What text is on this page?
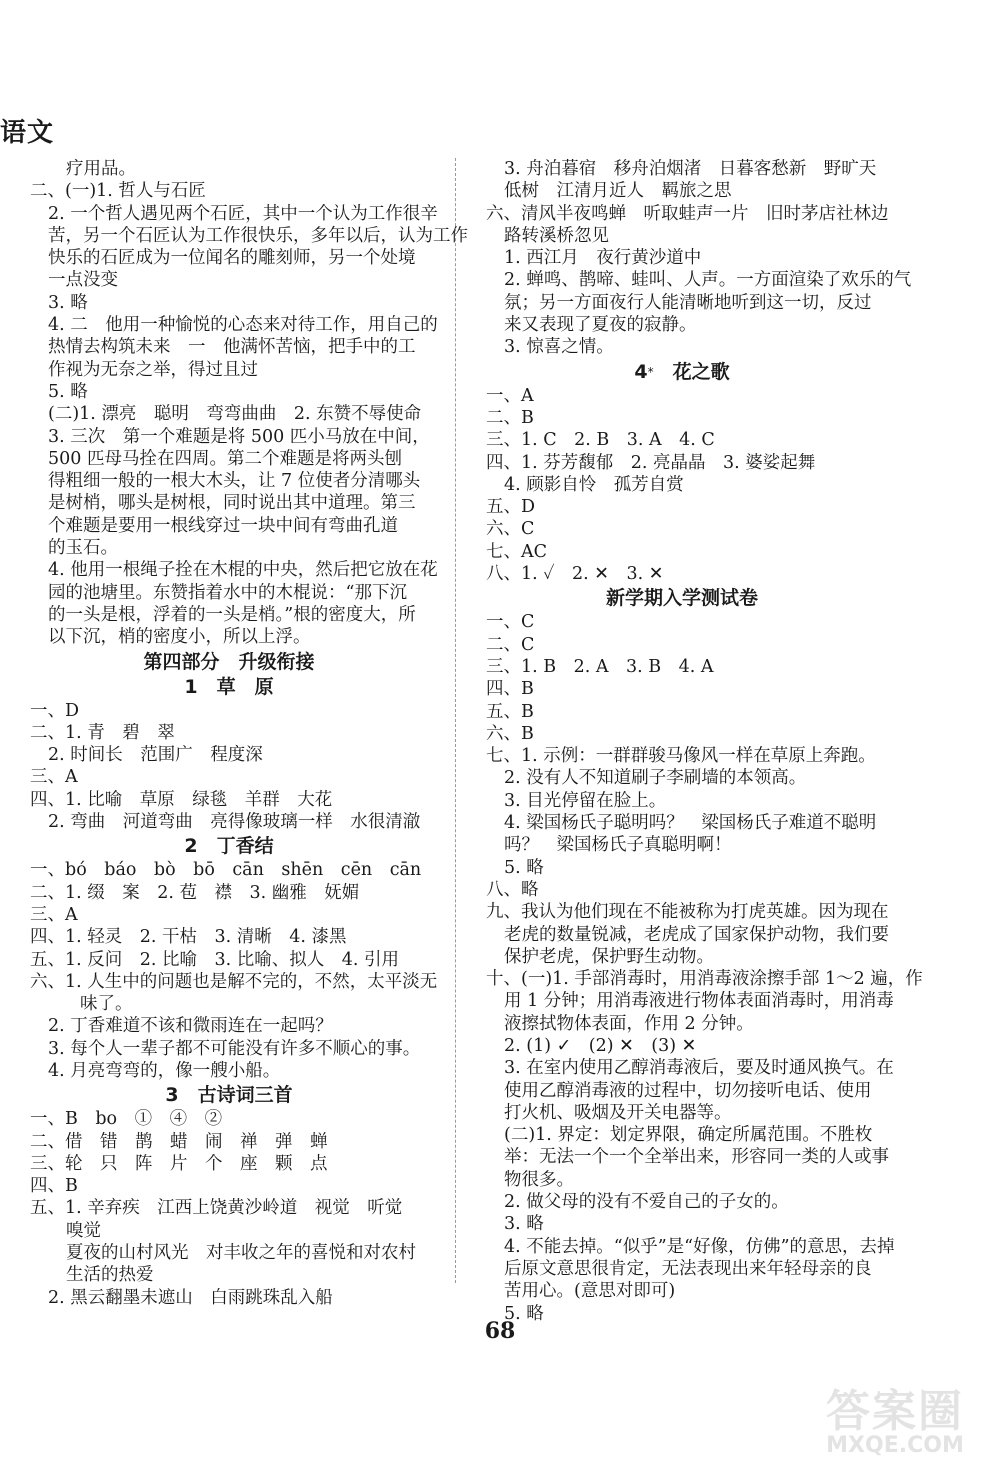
语文
疗用品。
二、(一)1. 哲人与石匠
2. 一个哲人遇见两个石匠，其中一个认为工作很辛
苦，另一个石匠认为工作很快乐，多年以后，认为工作
快乐的石匠成为一位闻名的雕刻师，另一个处境
一点没变
3. 略
4. 二　他用一种愉悦的心态来对待工作，用自己的
热情去构筑未来　一　他满怀苦恼，把手中的工
作视为无奈之举，得过且过
5. 略
(二)1. 漂亮　聪明　弯弯曲曲　2. 东赞不辱使命
3. 三次　第一个难题是将 500 匹小马放在中间，
500 匹母马拴在四周。第二个难题是将两头刨
得粗细一般的一根大木头，让 7 位使者分清哪头
是树梢，哪头是树根，同时说出其中道理。第三
个难题是要用一根线穿过一块中间有弯曲孔道
的玉石。
4. 他用一根绳子拴在木棍的中央，然后把它放在花
园的池塘里。东赞指着水中的木棍说：“那下沉
的一头是根，浮着的一头是梢。”根的密度大，所
以下沉，梢的密度小，所以上浮。
第四部分　升级衔接
1　草　原
一、D
二、1. 青　碧　翠
2. 时间长　范围广　程度深
三、A
四、1. 比喻　草原　绿毯　羊群　大花
2. 弯曲　河道弯曲　亮得像玻璃一样　水很清澈
2　丁香结
一、bó　báo　bò　bō　cān　shēn　cēn　cān
二、1. 缀　案　2. 苞　襟　3. 幽雅　妩媚
三、A
四、1. 轻灵　2. 干枯　3. 清晰　4. 漆黑
五、1. 反问　2. 比喻　3. 比喻、拟人　4. 引用
六、1. 人生中的问题也是解不完的，不然，太平淡无
味了。
2. 丁香难道不该和微雨连在一起吗？
3. 每个人一辈子都不可能没有许多不顺心的事。
4. 月亮弯弯的，像一艘小船。
3　古诗词三首
一、B　bo　①　④　②
二、借　错　鹊　蜡　闹　禅　弹　蝉
三、轮　只　阵　片　个　座　颗　点
四、B
五、1. 辛弃疾　江西上饶黄沙岭道　视觉　听觉
嗅觉
夏夜的山村风光　对丰收之年的喜悦和对农村
生活的热爱
2. 黑云翻墨未遮山　白雨跳珠乱入船
3. 舟泊暮宿　移舟泊烟渚　日暮客愁新　野旷天
低树　江清月近人　羁旅之思
六、清风半夜鸣蝉　听取蛙声一片　旧时茅店社林边
路转溪桥忽见
1. 西江月　夜行黄沙道中
2. 蝉鸣、鹊啼、蛙叫、人声。一方面渲染了欢乐的气
氛；另一方面夜行人能清晰地听到这一切，反过
来又表现了夏夜的寂静。
3. 惊喜之情。
4*　花之歌
一、A
二、B
三、1. C　2. B　3. A　4. C
四、1. 芬芳馥郁　2. 亮晶晶　3. 婆娑起舞
4. 顾影自怜　孤芳自赏
五、D
六、C
七、AC
八、1. ✓　2. ✕　3. ✕
新学期入学测试卷
一、C
二、C
三、1. B　2. A　3. B　4. A
四、B
五、B
六、B
七、1. 示例：一群群骏马像风一样在草原上奔跑。
2. 没有人不知道刷子李刷墙的本领高。
3. 目光停留在脸上。
4. 梁国杨氏子聪明吗？　梁国杨氏子难道不聪明
吗？　梁国杨氏子真聪明啊！
5. 略
八、略
九、我认为他们现在不能被称为打虎英雄。因为现在
老虎的数量锐减，老虎成了国家保护动物，我们要
保护老虎，保护野生动物。
十、(一)1. 手部消毒时，用消毒液涂擦手部 1～2 遍，作
用 1 分钟；用消毒液进行物体表面消毒时，用消毒
液擦拭物体表面，作用 2 分钟。
2. (1) ✓　(2) ✕　(3) ✕
3. 在室内使用乙醇消毒液后，要及时通风换气。在
使用乙醇消毒液的过程中，切勿接听电话、使用
打火机、吸烟及开关电器等。
(二)1. 界定：划定界限，确定所属范围。不胜枚
举：无法一个一个全举出来，形容同一类的人或事
物很多。
2. 做父母的没有不爱自己的子女的。
3. 略
4. 不能去掉。“似乎”是“好像，仿佛”的意思，去掉
后原文意思很肯定，无法表现出来年轻母亲的良
苦用心。(意思对即可)
5. 略
68
答案圈
MXQE.COM
